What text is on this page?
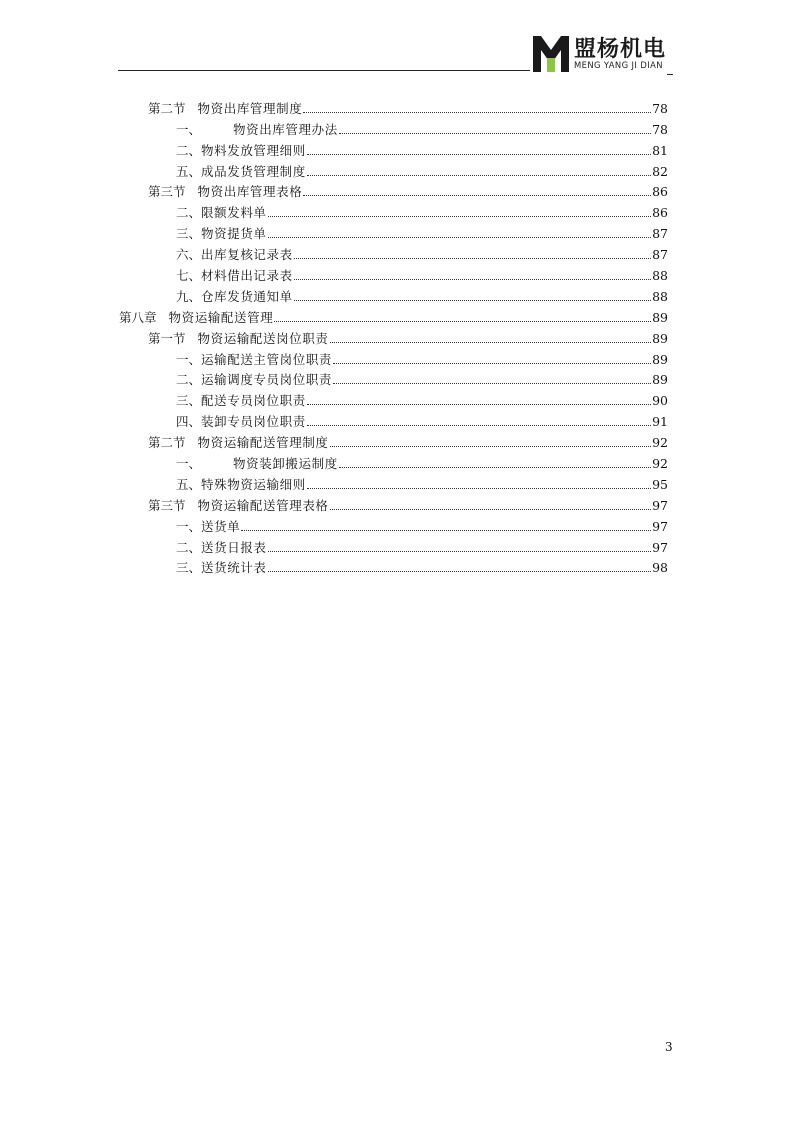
盟杨机电
MENG YANG JI DIAN
第二节 物资出库管理制度	78
一、	物资出库管理办法	78
二、 物料发放管理细则	81
五、 成品发货管理制度	82
第三节 物资出库管理表格	86
二、 限额发料单	86
三、 物资提货单	87
六、 出库复核记录表	87
七、 材料借出记录表	88
九、 仓库发货通知单	88
第八章 物资运输配送管理	89
第一节 物资运输配送岗位职责	89
一、 运输配送主管岗位职责	89
二、 运输调度专员岗位职责	89
三、 配送专员岗位职责	90
四、 装卸专员岗位职责	91
第二节 物资运输配送管理制度	92
一、	物资装卸搬运制度	92
五、 特殊物资运输细则	95
第三节 物资运输配送管理表格	97
一、 送货单	97
二、 送货日报表	97
三、 送货统计表	98
3
